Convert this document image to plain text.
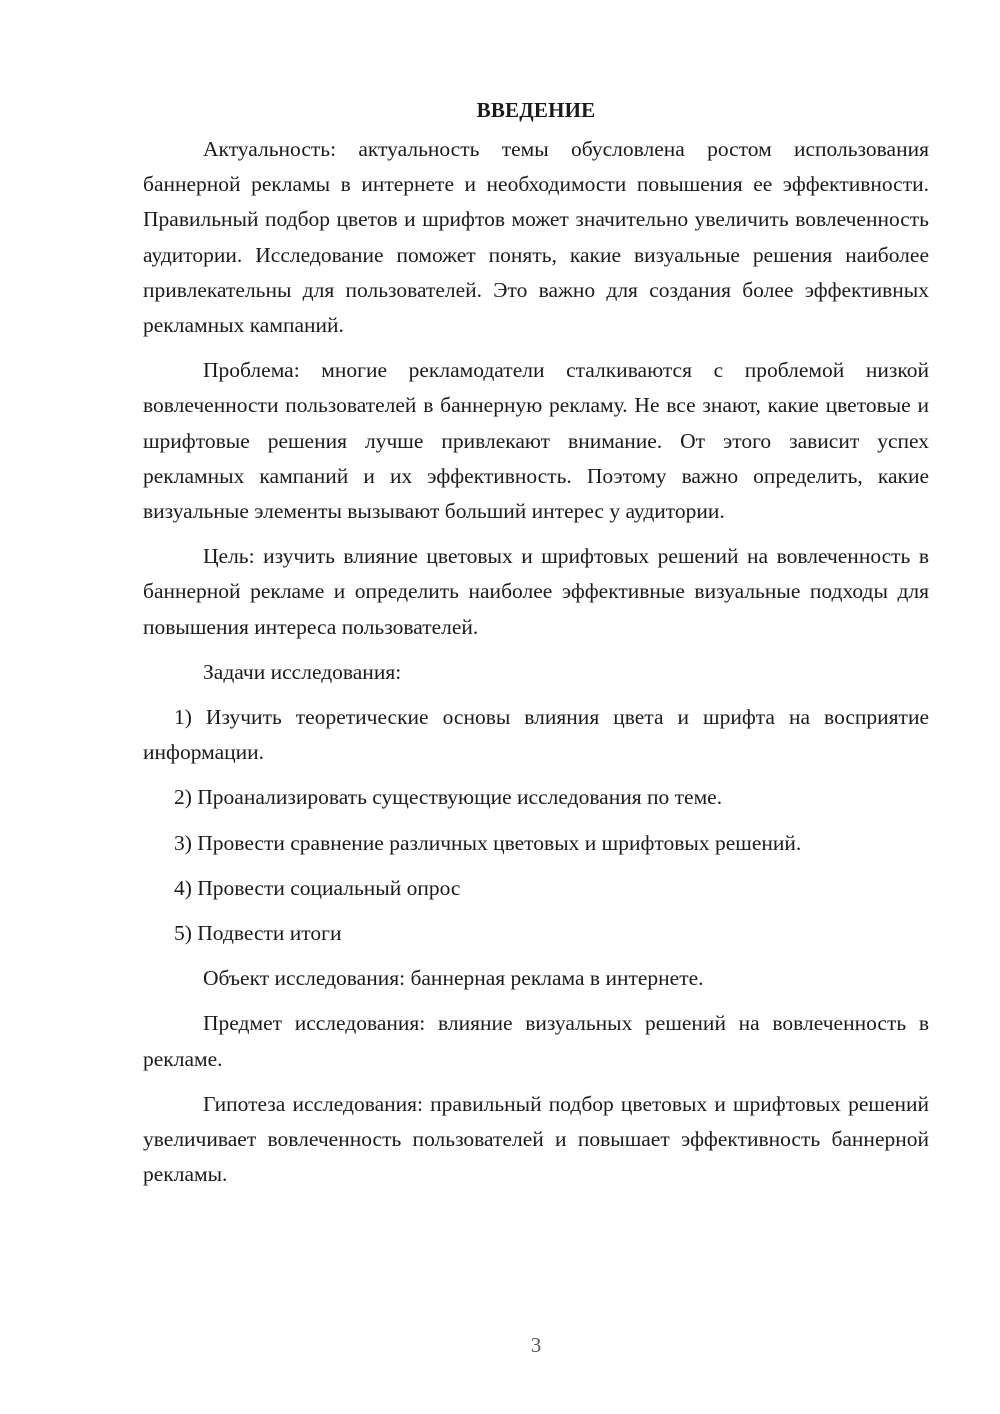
ВВЕДЕНИЕ

Актуальность: актуальность темы обусловлена ростом использования баннерной рекламы в интернете и необходимости повышения ее эффективности. Правильный подбор цветов и шрифтов может значительно увеличить вовлеченность аудитории. Исследование поможет понять, какие визуальные решения наиболее привлекательны для пользователей. Это важно для создания более эффективных рекламных кампаний.

Проблема: многие рекламодатели сталкиваются с проблемой низкой вовлеченности пользователей в баннерную рекламу. Не все знают, какие цветовые и шрифтовые решения лучше привлекают внимание. От этого зависит успех рекламных кампаний и их эффективность. Поэтому важно определить, какие визуальные элементы вызывают больший интерес у аудитории.

Цель: изучить влияние цветовых и шрифтовых решений на вовлеченность в баннерной рекламе и определить наиболее эффективные визуальные подходы для повышения интереса пользователей.

Задачи исследования:

1) Изучить теоретические основы влияния цвета и шрифта на восприятие информации.

2) Проанализировать существующие исследования по теме.

3) Провести сравнение различных цветовых и шрифтовых решений.

4) Провести социальный опрос

5) Подвести итоги

Объект исследования: баннерная реклама в интернете.

Предмет исследования: влияние визуальных решений на вовлеченность в рекламе.

Гипотеза исследования: правильный подбор цветовых и шрифтовых решений увеличивает вовлеченность пользователей и повышает эффективность баннерной рекламы.

3
